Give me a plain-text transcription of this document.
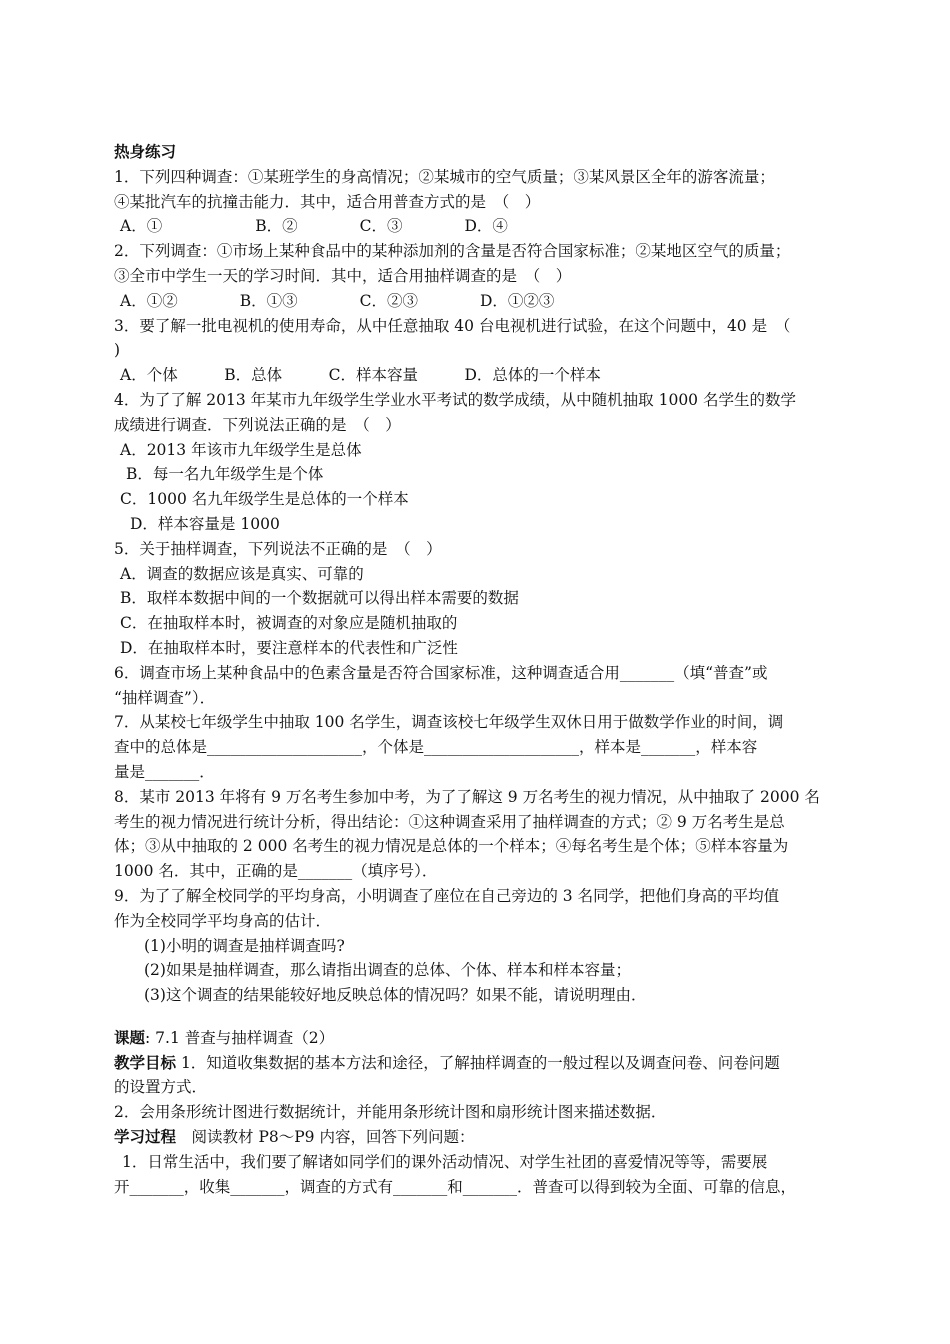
热身练习
1．下列四种调查：①某班学生的身高情况；②某城市的空气质量；③某风景区全年的游客流量；
④某批汽车的抗撞击能力．其中，适合用普查方式的是　（　）
A．①　　　　　　B．②　　　　C．③　　　　D．④
2．下列调查：①市场上某种食品中的某种添加剂的含量是否符合国家标准；②某地区空气的质量；
③全市中学生一天的学习时间．其中，适合用抽样调查的是　（　）
A．①②　　　　B．①③　　　　C．②③　　　　D．①②③
3．要了解一批电视机的使用寿命，从中任意抽取 40 台电视机进行试验，在这个问题中，40 是　（
)
A．个体　　　B．总体　　　C．样本容量　　　D．总体的一个样本
4．为了了解 2013 年某市九年级学生学业水平考试的数学成绩，从中随机抽取 1000 名学生的数学
成绩进行调查．下列说法正确的是　（　）
A．2013 年该市九年级学生是总体
B．每一名九年级学生是个体
C．1000 名九年级学生是总体的一个样本
D．样本容量是 1000
5．关于抽样调查，下列说法不正确的是　（　）
A．调查的数据应该是真实、可靠的
B．取样本数据中间的一个数据就可以得出样本需要的数据
C．在抽取样本时，被调查的对象应是随机抽取的
D．在抽取样本时，要注意样本的代表性和广泛性
6．调查市场上某种食品中的色素含量是否符合国家标准，这种调查适合用_______（填“普查”或
“抽样调查”）．
7．从某校七年级学生中抽取 100 名学生，调查该校七年级学生双休日用于做数学作业的时间，调
查中的总体是____________________，个体是____________________，样本是_______，样本容
量是_______．
8．某市 2013 年将有 9 万名考生参加中考，为了了解这 9 万名考生的视力情况，从中抽取了 2000 名
考生的视力情况进行统计分析，得出结论：①这种调查采用了抽样调查的方式；② 9 万名考生是总
体；③从中抽取的 2 000 名考生的视力情况是总体的一个样本；④每名考生是个体；⑤样本容量为
1000 名．其中，正确的是_______（填序号）．
9．为了了解全校同学的平均身高，小明调查了座位在自己旁边的 3 名同学，把他们身高的平均值
作为全校同学平均身高的估计．
(1)小明的调查是抽样调查吗?
(2)如果是抽样调查，那么请指出调查的总体、个体、样本和样本容量；
(3)这个调查的结果能较好地反映总体的情况吗？如果不能，请说明理由．
课题: 7.1 普查与抽样调查（2）
教学目标 1．知道收集数据的基本方法和途径，了解抽样调查的一般过程以及调查问卷、问卷问题
的设置方式．
2．会用条形统计图进行数据统计，并能用条形统计图和扇形统计图来描述数据．
学习过程　阅读教材 P8～P9 内容，回答下列问题：
1．日常生活中，我们要了解诸如同学们的课外活动情况、对学生社团的喜爱情况等等，需要展
开_______，收集_______，调查的方式有_______和_______．普查可以得到较为全面、可靠的信息，
